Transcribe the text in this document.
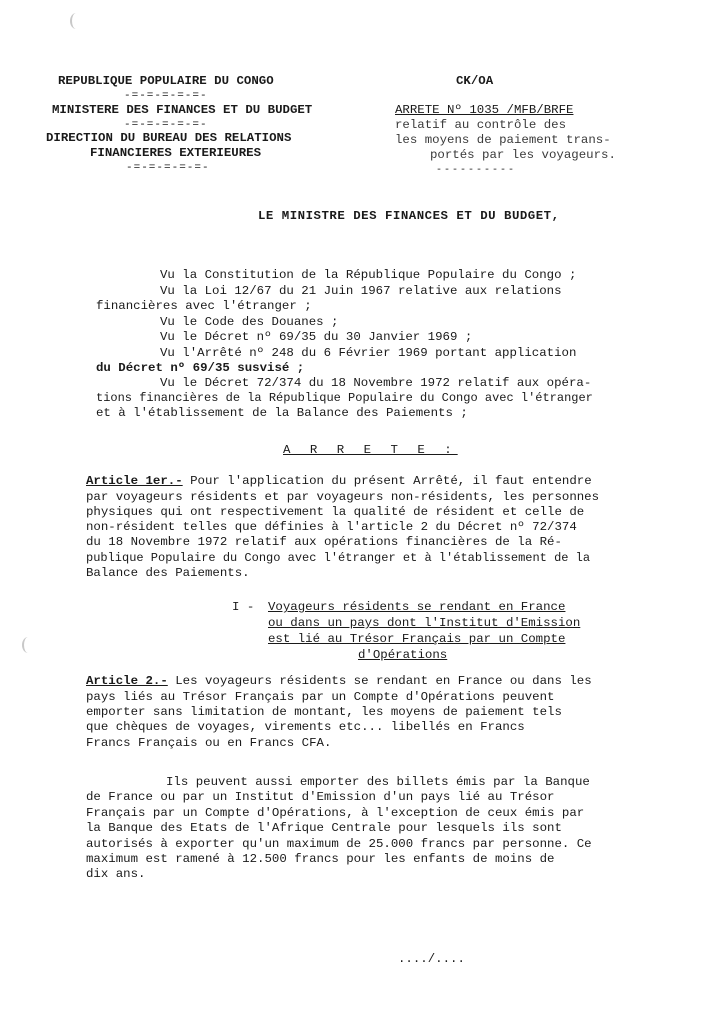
REPUBLIQUE POPULAIRE DU CONGO
-=-=-=-=-=-
MINISTERE DES FINANCES ET DU BUDGET
-=-=-=-=-=-
DIRECTION DU BUREAU DES RELATIONS
FINANCIERES EXTERIEURES
-=-=-=-=-=-
CK/OA
ARRETE Nº 1035 /MFB/BRFE
relatif au contrôle des
les moyens de paiement trans-
portés par les voyageurs.
----------
LE MINISTRE DES FINANCES ET DU BUDGET,
Vu la Constitution de la République Populaire du Congo ;
Vu la Loi 12/67 du 21 Juin 1967 relative aux relations
financières avec l'étranger ;
Vu le Code des Douanes ;
Vu le Décret nº 69/35 du 30 Janvier 1969 ;
Vu l'Arrêté nº 248 du 6 Février 1969 portant application
du Décret nº 69/35 susvisé ;
Vu le Décret 72/374 du 18 Novembre 1972 relatif aux opéra-
tions financières de la République Populaire du Congo avec l'étranger
et à l'établissement de la Balance des Paiements ;
A R R E T E :
Article 1er.- Pour l'application du présent Arrêté, il faut entendre
par voyageurs résidents et par voyageurs non-résidents, les personnes
physiques qui ont respectivement la qualité de résident et celle de
non-résident telles que définies à l'article 2 du Décret nº 72/374
du 18 Novembre 1972 relatif aux opérations financières de la Ré-
publique Populaire du Congo avec l'étranger et à l'établissement de la
Balance des Paiements.
I - Voyageurs résidents se rendant en France
ou dans un pays dont l'Institut d'Emission
est lié au Trésor Français par un Compte
d'Opérations
Article 2.- Les voyageurs résidents se rendant en France ou dans les
pays liés au Trésor Français par un Compte d'Opérations peuvent
emporter sans limitation de montant, les moyens de paiement tels
que chèques de voyages, virements etc... libellés en Francs
Francs Français ou en Francs CFA.
Ils peuvent aussi emporter des billets émis par la Banque
de France ou par un Institut d'Emission d'un pays lié au Trésor
Français par un Compte d'Opérations, à l'exception de ceux émis par
la Banque des Etats de l'Afrique Centrale pour lesquels ils sont
autorisés à exporter qu'un maximum de 25.000 francs par personne. Ce
maximum est ramené à 12.500 francs pour les enfants de moins de
dix ans.
..../....
